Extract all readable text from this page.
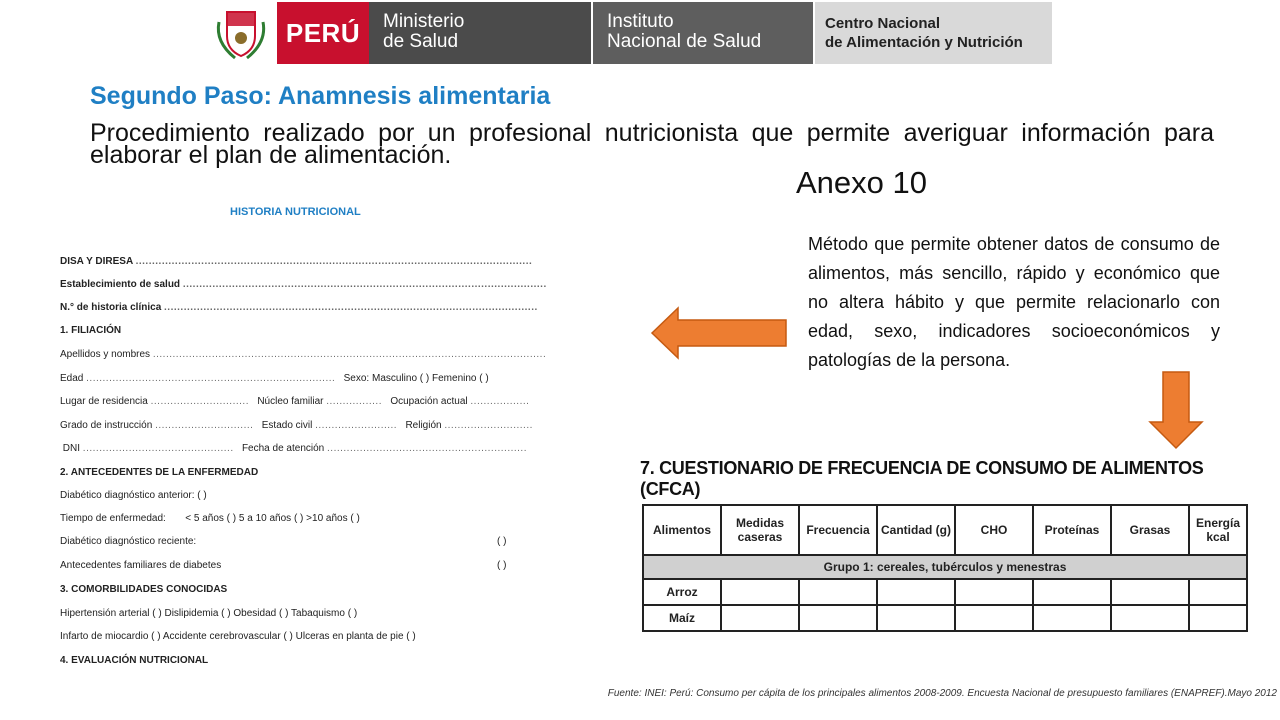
PERÚ	Ministerio
de Salud
Instituto
Nacional de Salud
Centro Nacional
de Alimentación y Nutrición
Segundo Paso: Anamnesis alimentaria
Procedimiento realizado por un profesional nutricionista que permite averiguar información para elaborar el plan de alimentación.
Anexo 10
HISTORIA NUTRICIONAL
DISA Y DIRESA .........................................................................................................................
Establecimiento de salud ...............................................................................................................
N.° de historia clínica ..................................................................................................................
1. FILIACIÓN
Apellidos y nombres ........................................................................................................................
Edad ............................................................................ Sexo: Masculino ( ) Femenino ( )
Lugar de residencia .............................. Núcleo familiar ................. Ocupación actual ..................
Grado de instrucción .............................. Estado civil ......................... Religión ...........................
DNI .............................................. Fecha de atención .............................................................
2. ANTECEDENTES DE LA ENFERMEDAD
Diabético diagnóstico anterior: ( )
Tiempo de enfermedad: < 5 años ( ) 5 a 10 años ( ) >10 años ( )
Diabético diagnóstico reciente:	( )
Antecedentes familiares de diabetes	( )
3. COMORBILIDADES CONOCIDAS
Hipertensión arterial ( ) Dislipidemia ( ) Obesidad ( ) Tabaquismo ( )
Infarto de miocardio ( ) Accidente cerebrovascular ( ) Ulceras en planta de pie ( )
4. EVALUACIÓN NUTRICIONAL
Método que permite obtener datos de consumo de alimentos, más sencillo, rápido y económico que no altera hábito y que permite relacionarlo con edad, sexo, indicadores socioeconómicos y patologías de la persona.
7. CUESTIONARIO DE FRECUENCIA DE CONSUMO DE ALIMENTOS (CFCA)
Alimentos	Medidas caseras	Frecuencia	Cantidad (g)	CHO	Proteínas	Grasas	Energía kcal
Grupo 1: cereales, tubérculos y menestras							
Arroz							
Maíz							
Fuente: INEI: Perú: Consumo per cápita de los principales alimentos 2008-2009. Encuesta Nacional de presupuesto familiares (ENAPREF).Mayo 2012
